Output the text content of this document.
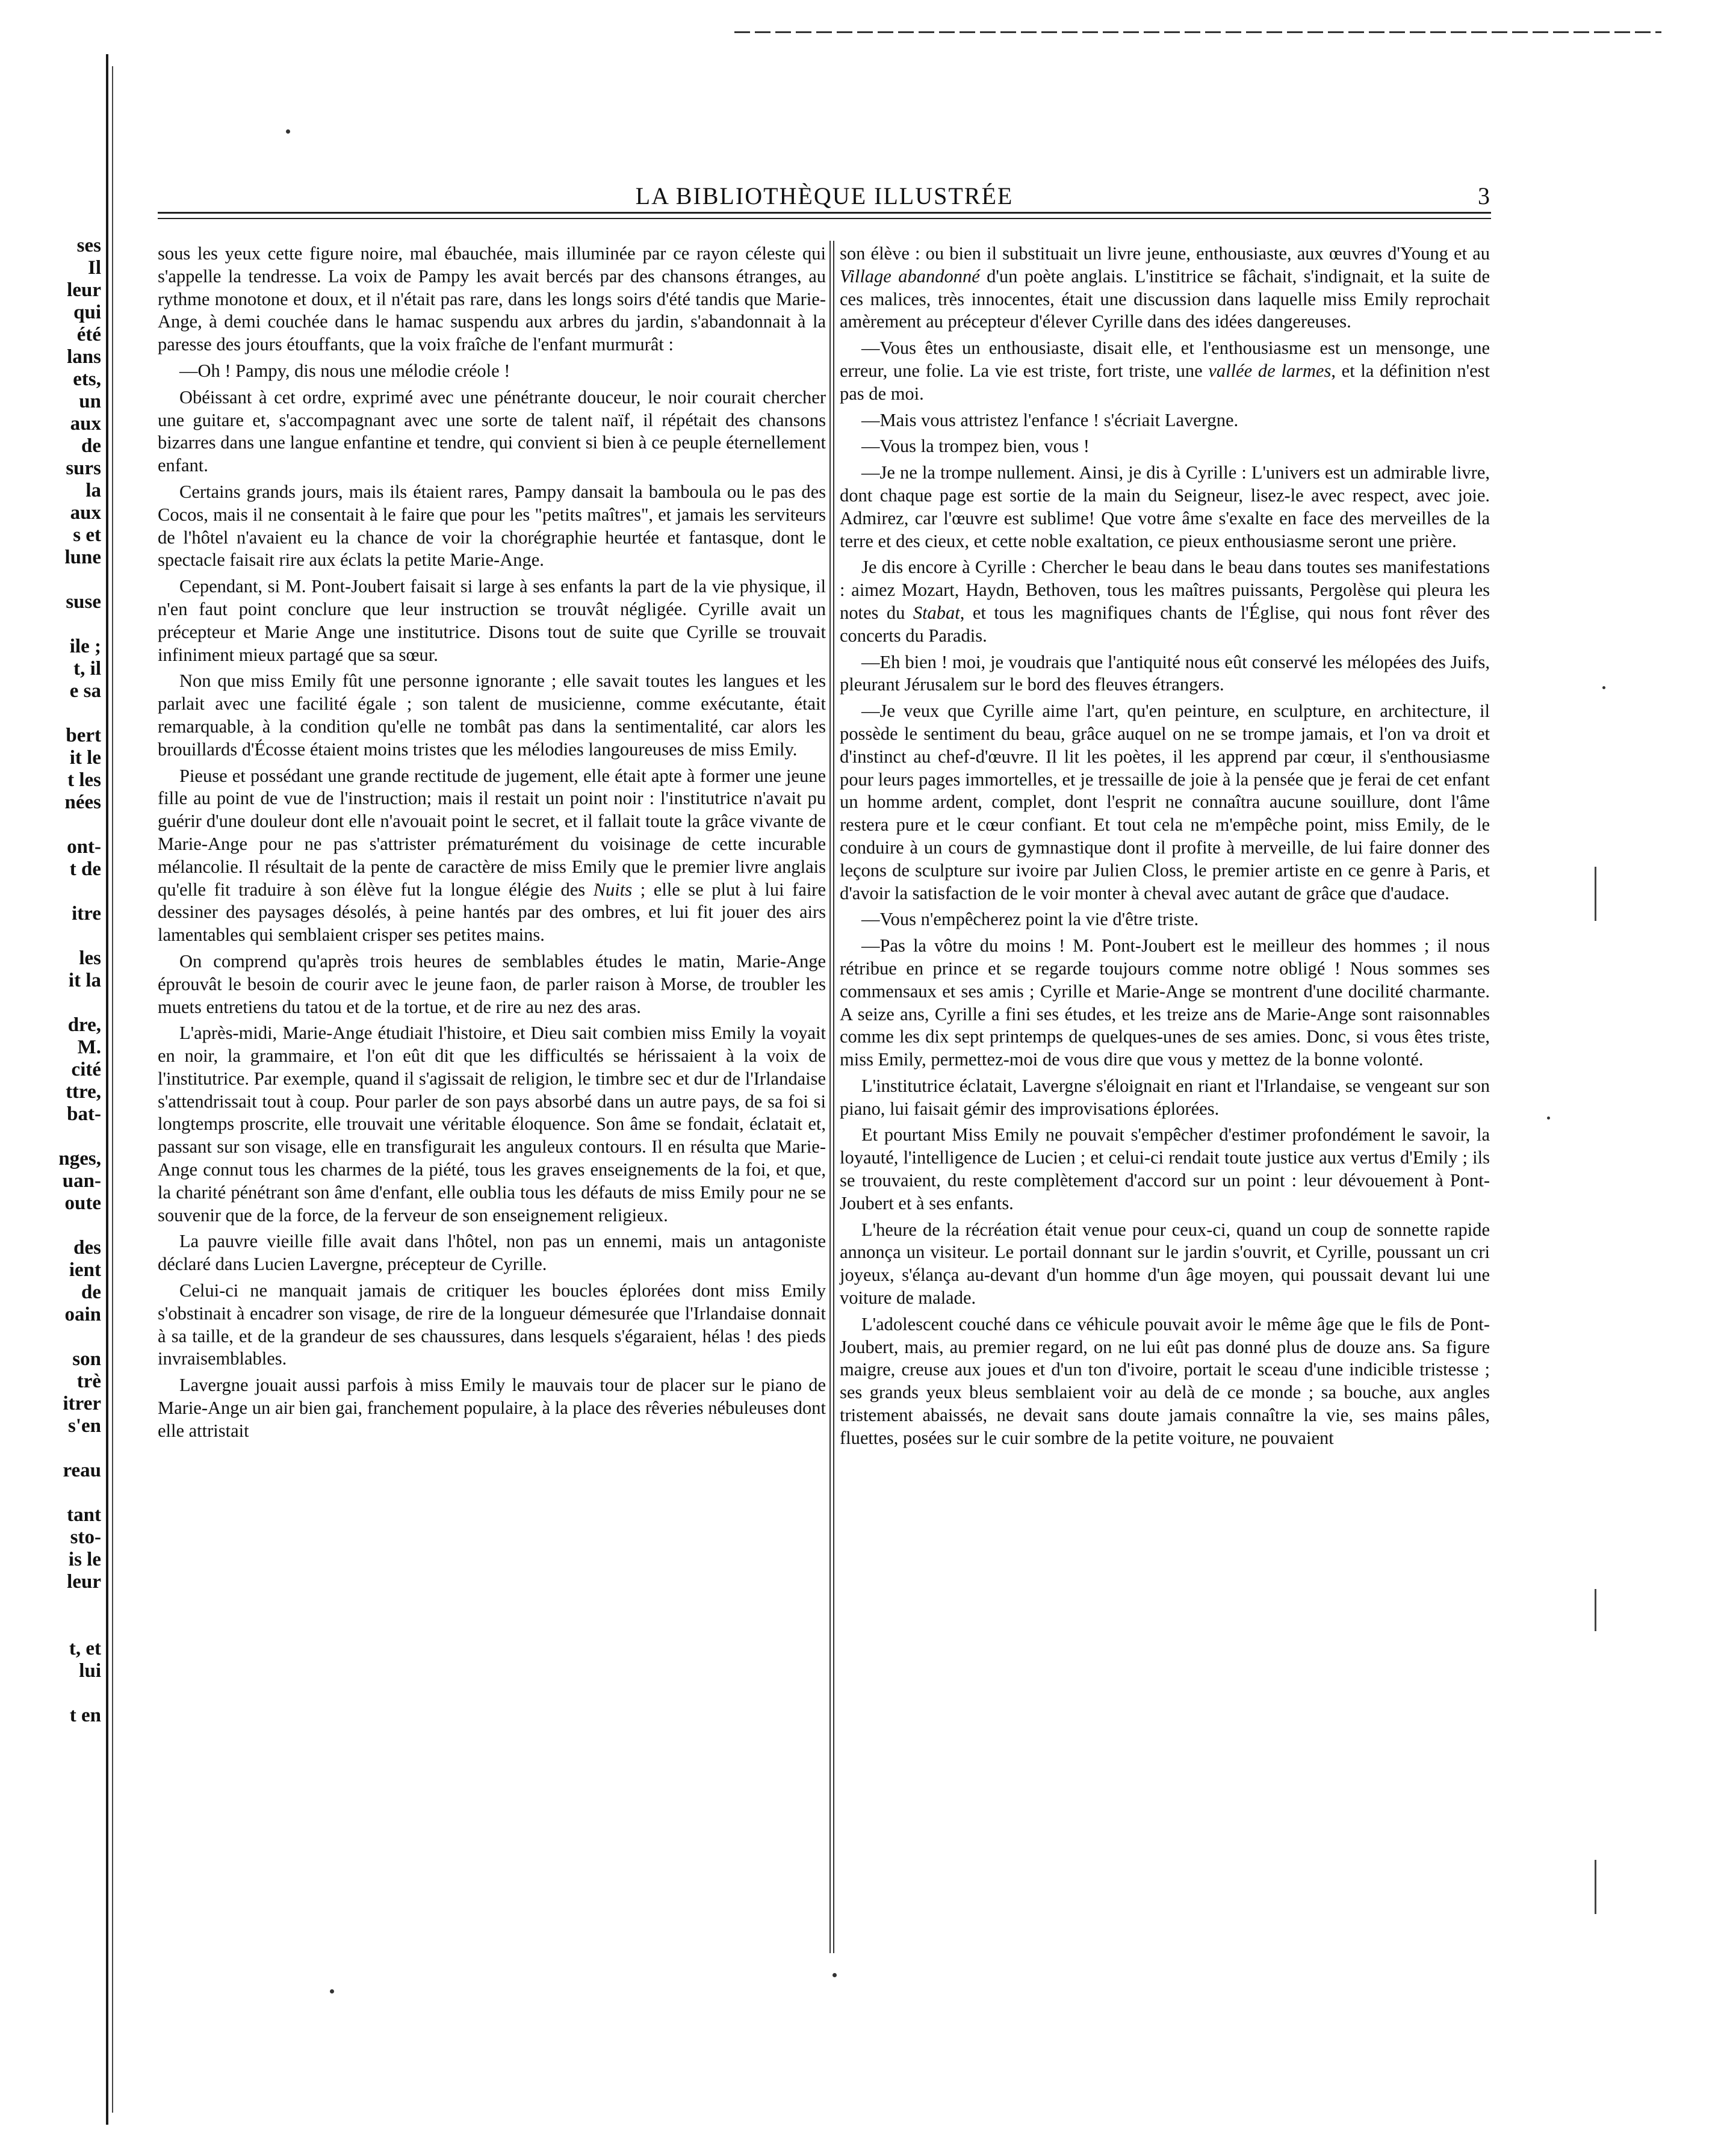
ses
Il
leur
qui
été
lans
ets,
un
aux
de
surs
la
aux
s et
lune
suse
ile ;
t, il
e sa
bert
it le
t les
nées
ont-
t de
itre
les
it la
dre,
M.
cité
ttre,
bat-
nges,
uan-
oute
des
ient
de
oain
son
trè
itrer
s'en
reau
tant
sto-
is le
leur
t, et
lui
t en
LA BIBLIOTHÈQUE ILLUSTRÉE	3

sous les yeux cette figure noire, mal ébauchée, mais illuminée par ce rayon céleste qui s'appelle la tendresse. La voix de Pampy les avait bercés par des chansons étranges, au rythme monotone et doux, et il n'était pas rare, dans les longs soirs d'été tandis que Marie-Ange, à demi couchée dans le hamac suspendu aux arbres du jardin, s'abandonnait à la paresse des jours étouffants, que la voix fraîche de l'enfant murmurât :

—Oh ! Pampy, dis nous une mélodie créole !

Obéissant à cet ordre, exprimé avec une pénétrante douceur, le noir courait chercher une guitare et, s'accompagnant avec une sorte de talent naïf, il répétait des chansons bizarres dans une langue enfantine et tendre, qui convient si bien à ce peuple éternellement enfant.

Certains grands jours, mais ils étaient rares, Pampy dansait la bamboula ou le pas des Cocos, mais il ne consentait à le faire que pour les "petits maîtres", et jamais les serviteurs de l'hôtel n'avaient eu la chance de voir la chorégraphie heurtée et fantasque, dont le spectacle faisait rire aux éclats la petite Marie-Ange.

Cependant, si M. Pont-Joubert faisait si large à ses enfants la part de la vie physique, il n'en faut point conclure que leur instruction se trouvât négligée. Cyrille avait un précepteur et Marie Ange une institutrice. Disons tout de suite que Cyrille se trouvait infiniment mieux partagé que sa sœur.

Non que miss Emily fût une personne ignorante ; elle savait toutes les langues et les parlait avec une facilité égale ; son talent de musicienne, comme exécutante, était remarquable, à la condition qu'elle ne tombât pas dans la sentimentalité, car alors les brouillards d'Écosse étaient moins tristes que les mélodies langoureuses de miss Emily.

Pieuse et possédant une grande rectitude de jugement, elle était apte à former une jeune fille au point de vue de l'instruction; mais il restait un point noir : l'institutrice n'avait pu guérir d'une douleur dont elle n'avouait point le secret, et il fallait toute la grâce vivante de Marie-Ange pour ne pas s'attrister prématurément du voisinage de cette incurable mélancolie. Il résultait de la pente de caractère de miss Emily que le premier livre anglais qu'elle fit traduire à son élève fut la longue élégie des Nuits ; elle se plut à lui faire dessiner des paysages désolés, à peine hantés par des ombres, et lui fit jouer des airs lamentables qui semblaient crisper ses petites mains.

On comprend qu'après trois heures de semblables études le matin, Marie-Ange éprouvât le besoin de courir avec le jeune faon, de parler raison à Morse, de troubler les muets entretiens du tatou et de la tortue, et de rire au nez des aras.

L'après-midi, Marie-Ange étudiait l'histoire, et Dieu sait combien miss Emily la voyait en noir, la grammaire, et l'on eût dit que les difficultés se hérissaient à la voix de l'institutrice. Par exemple, quand il s'agissait de religion, le timbre sec et dur de l'Irlandaise s'attendrissait tout à coup. Pour parler de son pays absorbé dans un autre pays, de sa foi si longtemps proscrite, elle trouvait une véritable éloquence. Son âme se fondait, éclatait et, passant sur son visage, elle en transfigurait les anguleux contours. Il en résulta que Marie-Ange connut tous les charmes de la piété, tous les graves enseignements de la foi, et que, la charité pénétrant son âme d'enfant, elle oublia tous les défauts de miss Emily pour ne se souvenir que de la force, de la ferveur de son enseignement religieux.

La pauvre vieille fille avait dans l'hôtel, non pas un ennemi, mais un antagoniste déclaré dans Lucien Lavergne, précepteur de Cyrille.

Celui-ci ne manquait jamais de critiquer les boucles éplorées dont miss Emily s'obstinait à encadrer son visage, de rire de la longueur démesurée que l'Irlandaise donnait à sa taille, et de la grandeur de ses chaussures, dans lesquels s'égaraient, hélas ! des pieds invraisemblables.

Lavergne jouait aussi parfois à miss Emily le mauvais tour de placer sur le piano de Marie-Ange un air bien gai, franchement populaire, à la place des rêveries nébuleuses dont elle attristait

son élève : ou bien il substituait un livre jeune, enthousiaste, aux œuvres d'Young et au Village abandonné d'un poète anglais. L'institrice se fâchait, s'indignait, et la suite de ces malices, très innocentes, était une discussion dans laquelle miss Emily reprochait amèrement au précepteur d'élever Cyrille dans des idées dangereuses.

—Vous êtes un enthousiaste, disait elle, et l'enthousiasme est un mensonge, une erreur, une folie. La vie est triste, fort triste, une vallée de larmes, et la définition n'est pas de moi.

—Mais vous attristez l'enfance ! s'écriait Lavergne.

—Vous la trompez bien, vous !

—Je ne la trompe nullement. Ainsi, je dis à Cyrille : L'univers est un admirable livre, dont chaque page est sortie de la main du Seigneur, lisez-le avec respect, avec joie. Admirez, car l'œuvre est sublime! Que votre âme s'exalte en face des merveilles de la terre et des cieux, et cette noble exaltation, ce pieux enthousiasme seront une prière.

Je dis encore à Cyrille : Chercher le beau dans le beau dans toutes ses manifestations : aimez Mozart, Haydn, Bethoven, tous les maîtres puissants, Pergolèse qui pleura les notes du Stabat, et tous les magnifiques chants de l'Église, qui nous font rêver des concerts du Paradis.

—Eh bien ! moi, je voudrais que l'antiquité nous eût conservé les mélopées des Juifs, pleurant Jérusalem sur le bord des fleuves étrangers.

—Je veux que Cyrille aime l'art, qu'en peinture, en sculpture, en architecture, il possède le sentiment du beau, grâce auquel on ne se trompe jamais, et l'on va droit et d'instinct au chef-d'œuvre. Il lit les poètes, il les apprend par cœur, il s'enthousiasme pour leurs pages immortelles, et je tressaille de joie à la pensée que je ferai de cet enfant un homme ardent, complet, dont l'esprit ne connaîtra aucune souillure, dont l'âme restera pure et le cœur confiant. Et tout cela ne m'empêche point, miss Emily, de le conduire à un cours de gymnastique dont il profite à merveille, de lui faire donner des leçons de sculpture sur ivoire par Julien Closs, le premier artiste en ce genre à Paris, et d'avoir la satisfaction de le voir monter à cheval avec autant de grâce que d'audace.

—Vous n'empêcherez point la vie d'être triste.

—Pas la vôtre du moins ! M. Pont-Joubert est le meilleur des hommes ; il nous rétribue en prince et se regarde toujours comme notre obligé ! Nous sommes ses commensaux et ses amis ; Cyrille et Marie-Ange se montrent d'une docilité charmante. A seize ans, Cyrille a fini ses études, et les treize ans de Marie-Ange sont raisonnables comme les dix sept printemps de quelques-unes de ses amies. Donc, si vous êtes triste, miss Emily, permettez-moi de vous dire que vous y mettez de la bonne volonté.

L'institutrice éclatait, Lavergne s'éloignait en riant et l'Irlandaise, se vengeant sur son piano, lui faisait gémir des improvisations éplorées.

Et pourtant Miss Emily ne pouvait s'empêcher d'estimer profondément le savoir, la loyauté, l'intelligence de Lucien ; et celui-ci rendait toute justice aux vertus d'Emily ; ils se trouvaient, du reste complètement d'accord sur un point : leur dévouement à Pont-Joubert et à ses enfants.

L'heure de la récréation était venue pour ceux-ci, quand un coup de sonnette rapide annonça un visiteur. Le portail donnant sur le jardin s'ouvrit, et Cyrille, poussant un cri joyeux, s'élança au-devant d'un homme d'un âge moyen, qui poussait devant lui une voiture de malade.

L'adolescent couché dans ce véhicule pouvait avoir le même âge que le fils de Pont-Joubert, mais, au premier regard, on ne lui eût pas donné plus de douze ans. Sa figure maigre, creuse aux joues et d'un ton d'ivoire, portait le sceau d'une indicible tristesse ; ses grands yeux bleus semblaient voir au delà de ce monde ; sa bouche, aux angles tristement abaissés, ne devait sans doute jamais connaître la vie, ses mains pâles, fluettes, posées sur le cuir sombre de la petite voiture, ne pouvaient
